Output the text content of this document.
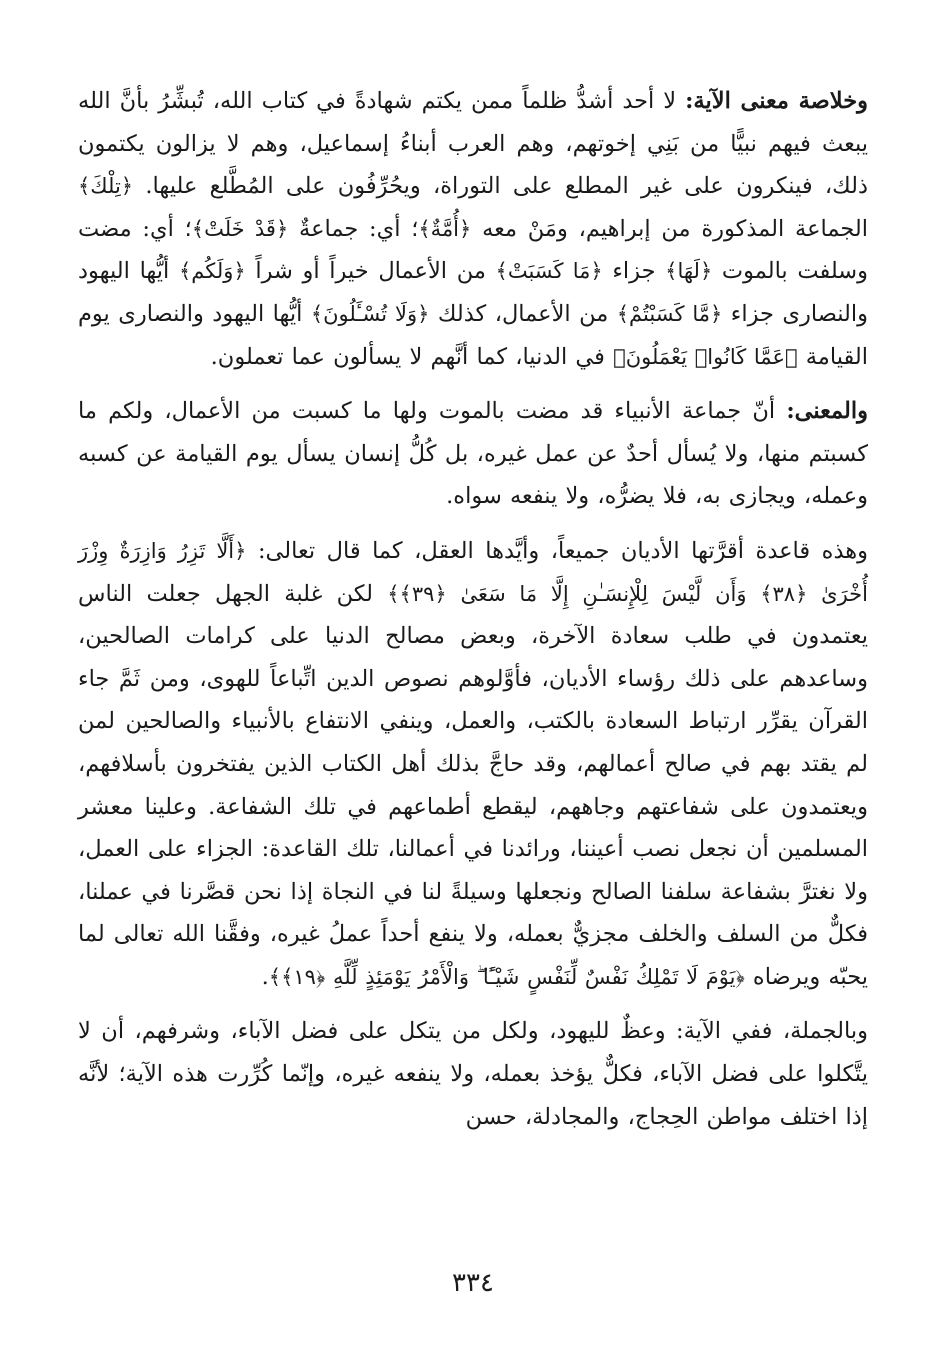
وخلاصة معنى الآية: لا أحد أشدُّ ظلماً ممن يكتم شهادةً في كتاب الله، تُبشِّرُ بأنَّ الله يبعث فيهم نبيًّا من بَنِي إخوتهم، وهم العرب أبناءُ إسماعيل، وهم لا يزالون يكتمون ذلك، فينكرون على غير المطلع على التوراة، ويحُرِّفُون على المُطَّلع عليها. ﴿تِلْكَ﴾ الجماعة المذكورة من إبراهيم، ومَنْ معه ﴿أُمَّةٌ﴾؛ أي: جماعةٌ ﴿قَدْ خَلَتْ﴾؛ أي: مضت وسلفت بالموت ﴿لَهَا﴾ جزاء ﴿مَا كَسَبَتْ﴾ من الأعمال خيراً أو شراً ﴿وَلَكُم﴾ أيُّها اليهود والنصارى جزاء ﴿مَّا كَسَبْتُمْ﴾ من الأعمال، كذلك ﴿وَلَا تُسْـَٔلُونَ﴾ أيُّها اليهود والنصارى يوم القيامة ﴿عَمَّا كَانُوا۟ يَعْمَلُونَ﴾ في الدنيا، كما أنَّهم لا يسألون عما تعملون.

والمعنى: أنّ جماعة الأنبياء قد مضت بالموت ولها ما كسبت من الأعمال، ولكم ما كسبتم منها، ولا يُسأل أحدٌ عن عمل غيره، بل كُلُّ إنسان يسأل يوم القيامة عن كسبه وعمله، ويجازى به، فلا يضرُّه، ولا ينفعه سواه.

وهذه قاعدة أقرَّتها الأديان جميعاً، وأيَّدها العقل، كما قال تعالى: ﴿أَلَّا تَزِرُ وَازِرَةٌ وِزْرَ أُخْرَىٰ ﴿٣٨﴾ وَأَن لَّيْسَ لِلْإِنسَـٰنِ إِلَّا مَا سَعَىٰ ﴿٣٩﴾﴾ لكن غلبة الجهل جعلت الناس يعتمدون في طلب سعادة الآخرة، وبعض مصالح الدنيا على كرامات الصالحين، وساعدهم على ذلك رؤساء الأديان، فأوَّلوهم نصوص الدين اتِّباعاً للهوى، ومن ثَمَّ جاء القرآن يقرِّر ارتباط السعادة بالكتب، والعمل، وينفي الانتفاع بالأنبياء والصالحين لمن لم يقتد بهم في صالح أعمالهم، وقد حاجَّ بذلك أهل الكتاب الذين يفتخرون بأسلافهم، ويعتمدون على شفاعتهم وجاههم، ليقطع أطماعهم في تلك الشفاعة. وعلينا معشر المسلمين أن نجعل نصب أعيننا، ورائدنا في أعمالنا، تلك القاعدة: الجزاء على العمل، ولا نغترَّ بشفاعة سلفنا الصالح ونجعلها وسيلةً لنا في النجاة إذا نحن قصَّرنا في عملنا، فكلٌّ من السلف والخلف مجزيٌّ بعمله، ولا ينفع أحداً عملُ غيره، وفقَّنا الله تعالى لما يحبّه ويرضاه ﴿يَوْمَ لَا تَمْلِكُ نَفْسٌ لِّنَفْسٍ شَيْـًٔا ۖ وَالْأَمْرُ يَوْمَئِذٍ لِّلَّهِ ﴿١٩﴾﴾.

وبالجملة، ففي الآية: وعظٌ لليهود، ولكل من يتكل على فضل الآباء، وشرفهم، أن لا يتَّكلوا على فضل الآباء، فكلٌّ يؤخذ بعمله، ولا ينفعه غيره، وإنّما كُرِّرت هذه الآية؛ لأنَّه إذا اختلف مواطن الحِجاج، والمجادلة، حسن

٣٣٤
